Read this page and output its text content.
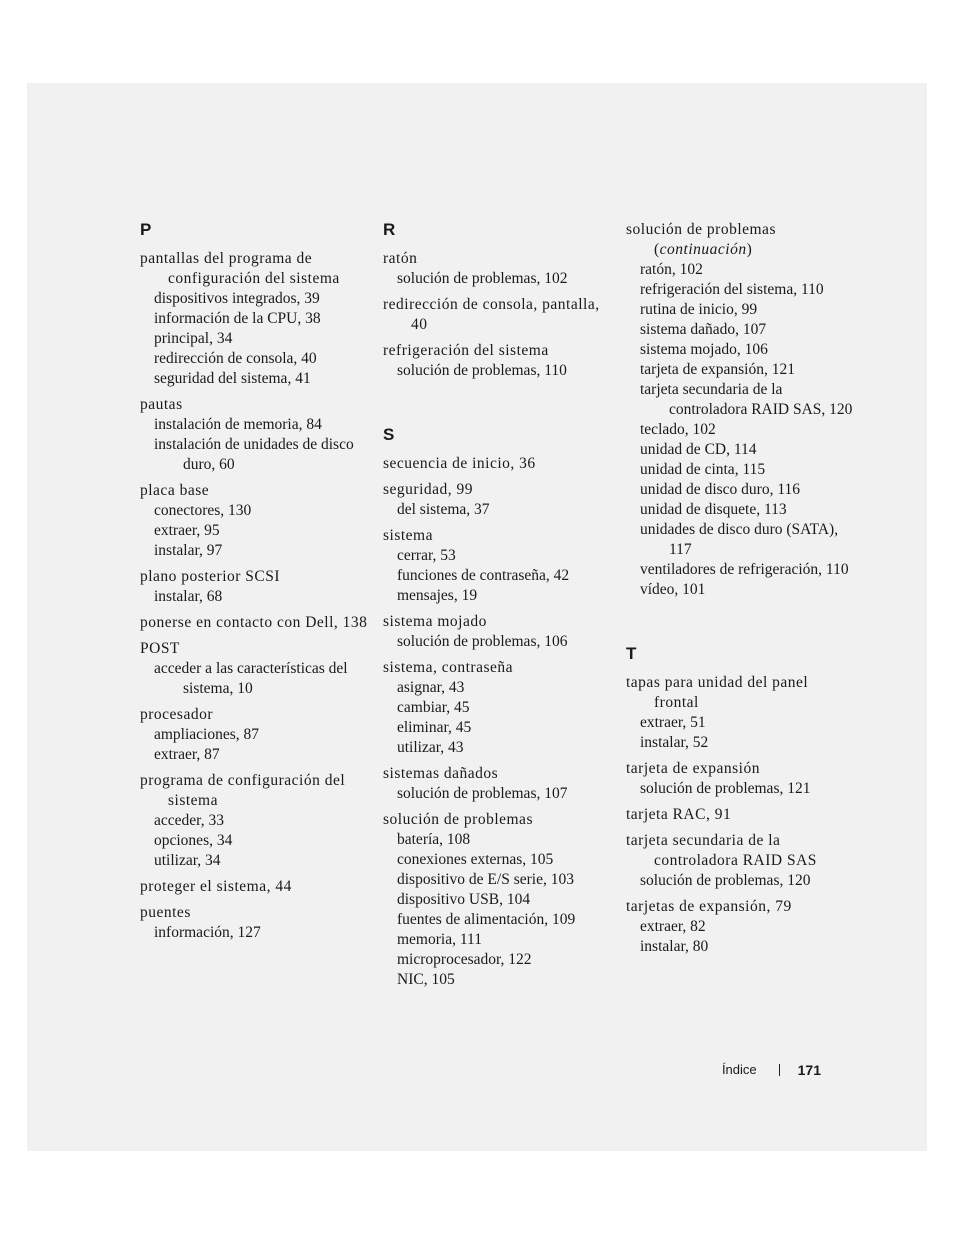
P
pantallas del programa de configuración del sistema
dispositivos integrados, 39
información de la CPU, 38
principal, 34
redirección de consola, 40
seguridad del sistema, 41
pautas
instalación de memoria, 84
instalación de unidades de disco duro, 60
placa base
conectores, 130
extraer, 95
instalar, 97
plano posterior SCSI
instalar, 68
ponerse en contacto con Dell, 138
POST
acceder a las características del sistema, 10
procesador
ampliaciones, 87
extraer, 87
programa de configuración del sistema
acceder, 33
opciones, 34
utilizar, 34
proteger el sistema, 44
puentes
información, 127
R
ratón
solución de problemas, 102
redirección de consola, pantalla, 40
refrigeración del sistema
solución de problemas, 110
S
secuencia de inicio, 36
seguridad, 99
del sistema, 37
sistema
cerrar, 53
funciones de contraseña, 42
mensajes, 19
sistema mojado
solución de problemas, 106
sistema, contraseña
asignar, 43
cambiar, 45
eliminar, 45
utilizar, 43
sistemas dañados
solución de problemas, 107
solución de problemas
batería, 108
conexiones externas, 105
dispositivo de E/S serie, 103
dispositivo USB, 104
fuentes de alimentación, 109
memoria, 111
microprocesador, 122
NIC, 105
solución de problemas (continuación)
ratón, 102
refrigeración del sistema, 110
rutina de inicio, 99
sistema dañado, 107
sistema mojado, 106
tarjeta de expansión, 121
tarjeta secundaria de la controladora RAID SAS, 120
teclado, 102
unidad de CD, 114
unidad de cinta, 115
unidad de disco duro, 116
unidad de disquete, 113
unidades de disco duro (SATA), 117
ventiladores de refrigeración, 110
vídeo, 101
T
tapas para unidad del panel frontal
extraer, 51
instalar, 52
tarjeta de expansión
solución de problemas, 121
tarjeta RAC, 91
tarjeta secundaria de la controladora RAID SAS
solución de problemas, 120
tarjetas de expansión, 79
extraer, 82
instalar, 80
Índice	171
